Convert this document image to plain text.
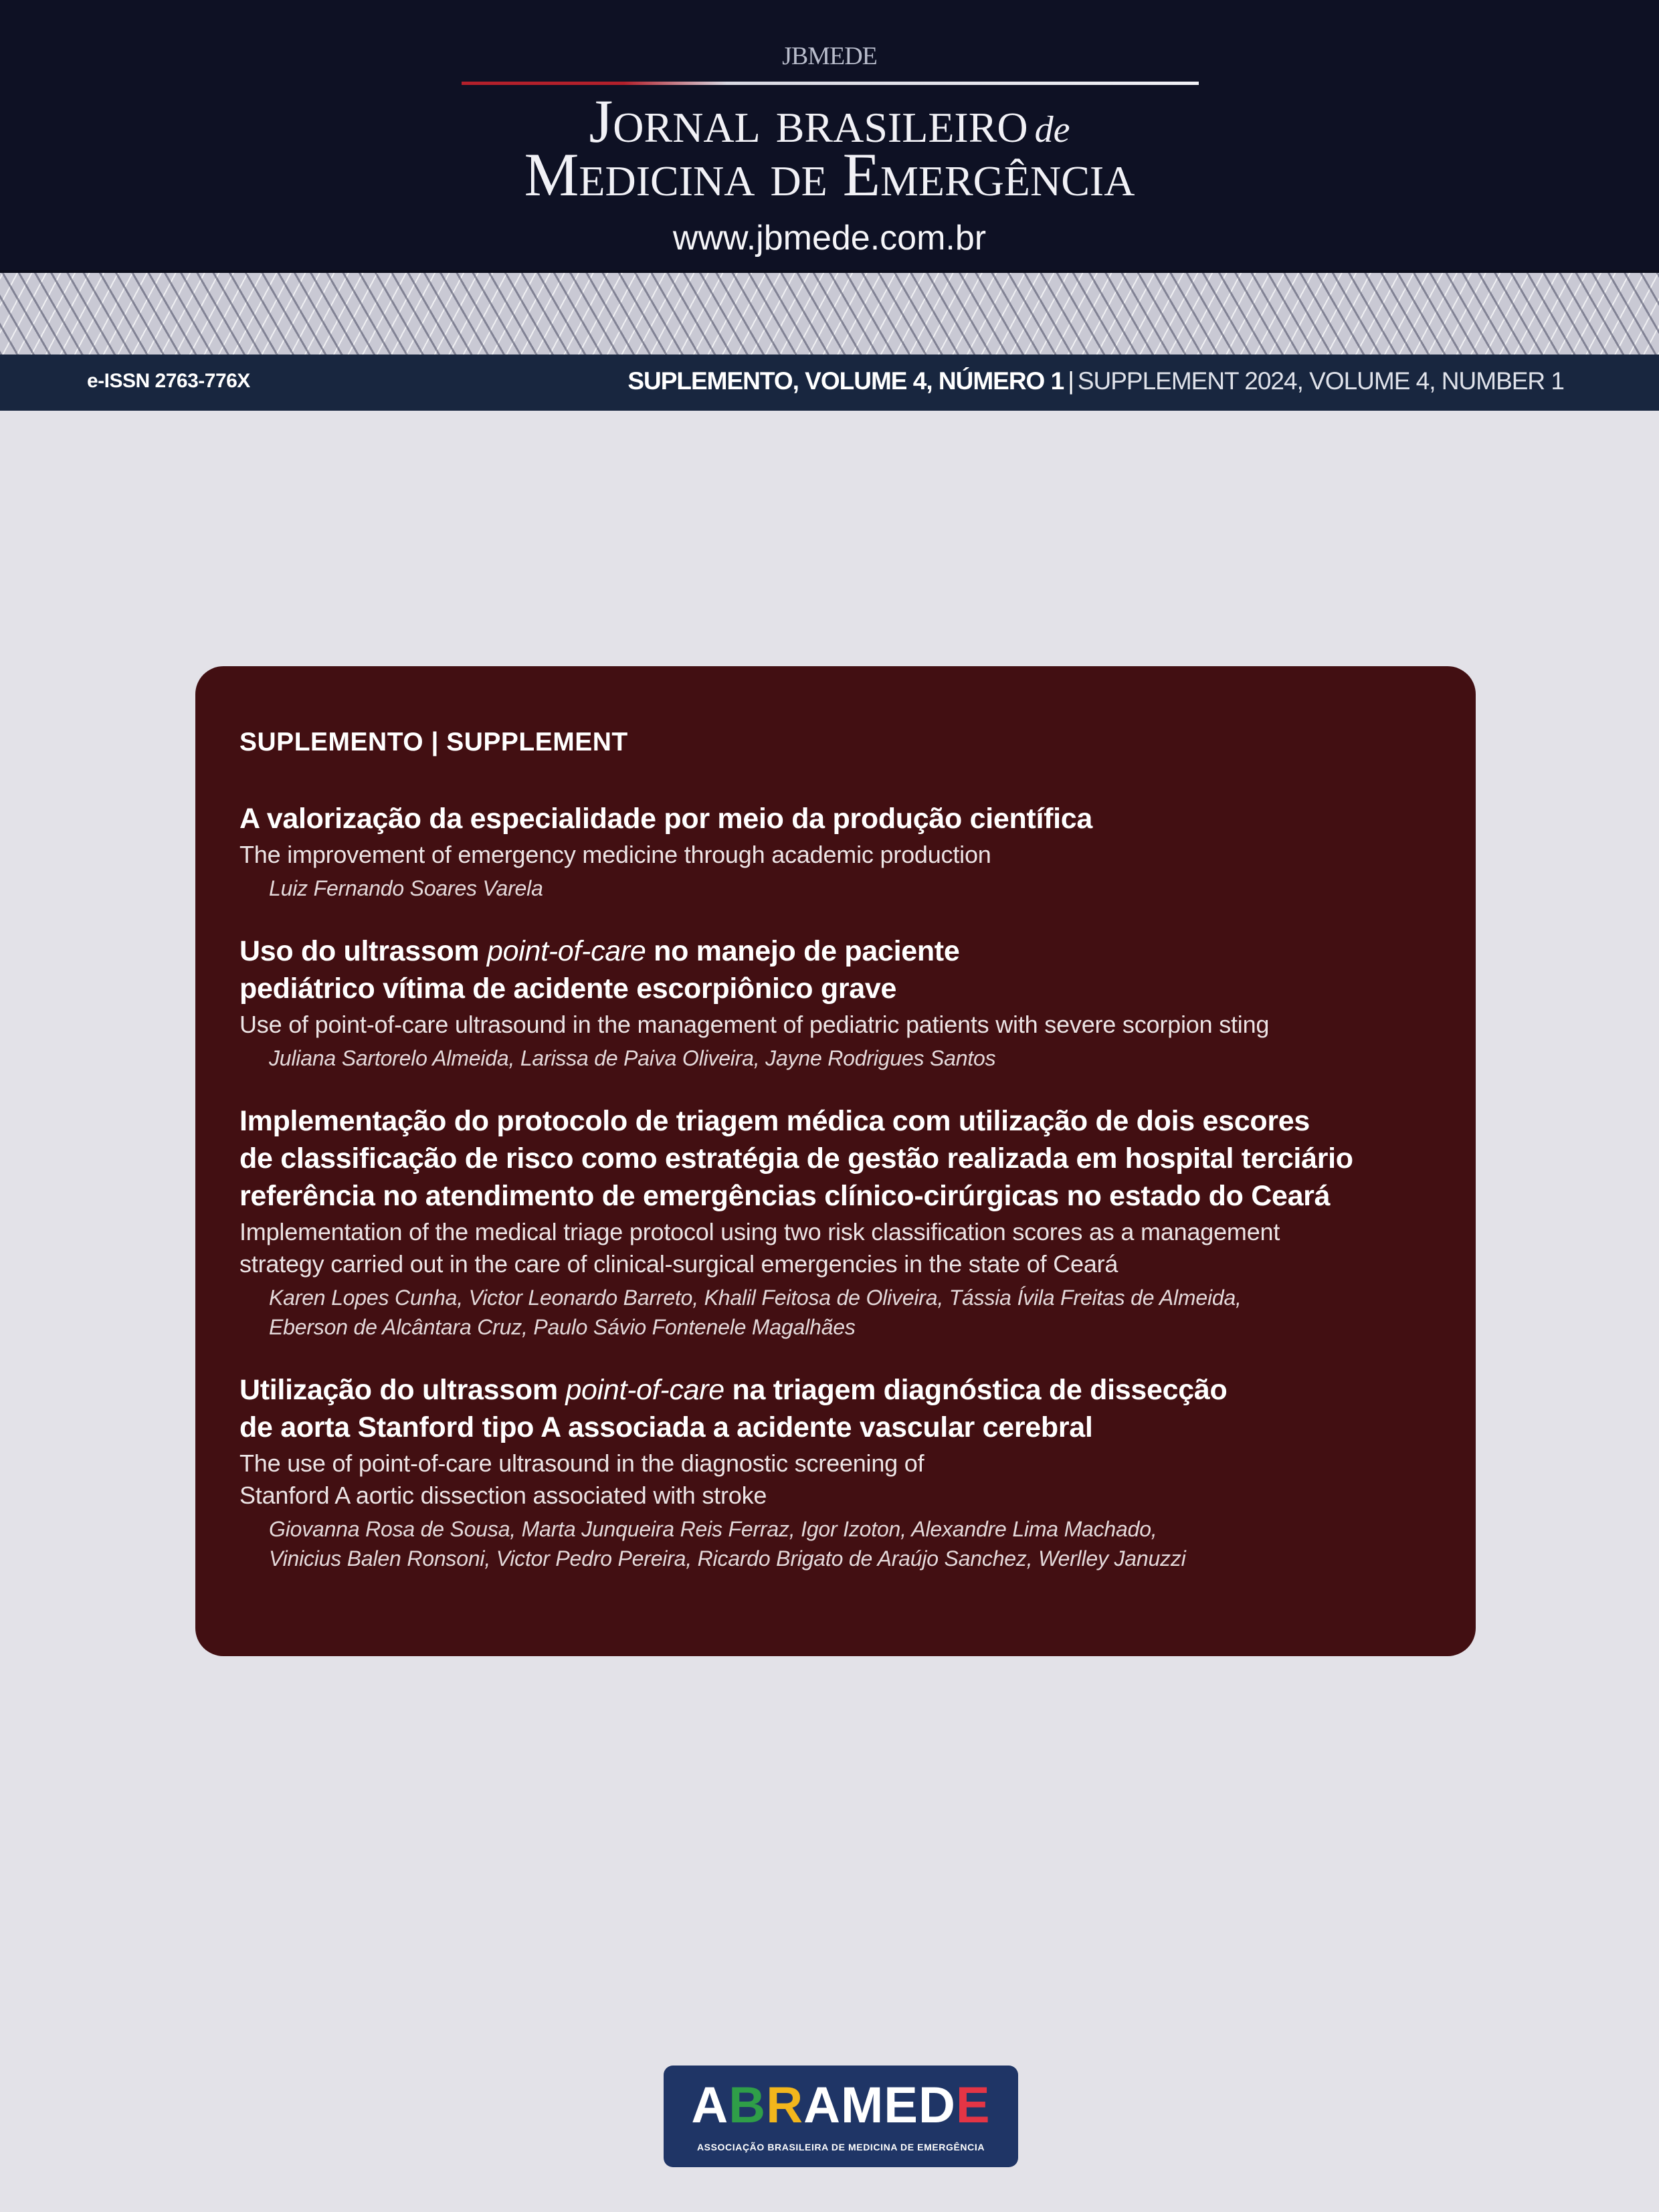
JBMEDE
Jornal brasileiro de
Medicina de Emergência
www.jbmede.com.br
e-ISSN 2763-776X	SUPLEMENTO, VOLUME 4, NÚMERO 1 | SUPPLEMENT 2024, VOLUME 4, NUMBER 1
SUPLEMENTO | SUPPLEMENT
A valorização da especialidade por meio da produção científica
The improvement of emergency medicine through academic production
Luiz Fernando Soares Varela
Uso do ultrassom point-of-care no manejo de paciente
pediátrico vítima de acidente escorpiônico grave
Use of point-of-care ultrasound in the management of pediatric patients with severe scorpion sting
Juliana Sartorelo Almeida, Larissa de Paiva Oliveira, Jayne Rodrigues Santos
Implementação do protocolo de triagem médica com utilização de dois escores
de classificação de risco como estratégia de gestão realizada em hospital terciário
referência no atendimento de emergências clínico-cirúrgicas no estado do Ceará
Implementation of the medical triage protocol using two risk classification scores as a management
strategy carried out in the care of clinical-surgical emergencies in the state of Ceará
Karen Lopes Cunha, Victor Leonardo Barreto, Khalil Feitosa de Oliveira, Tássia Ívila Freitas de Almeida,
Eberson de Alcântara Cruz, Paulo Sávio Fontenele Magalhães
Utilização do ultrassom point-of-care na triagem diagnóstica de dissecção
de aorta Stanford tipo A associada a acidente vascular cerebral
The use of point-of-care ultrasound in the diagnostic screening of
Stanford A aortic dissection associated with stroke
Giovanna Rosa de Sousa, Marta Junqueira Reis Ferraz, Igor Izoton, Alexandre Lima Machado,
Vinicius Balen Ronsoni, Victor Pedro Pereira, Ricardo Brigato de Araújo Sanchez, Werlley Januzzi
ABRAMEDE
ASSOCIAÇÃO BRASILEIRA DE MEDICINA DE EMERGÊNCIA
